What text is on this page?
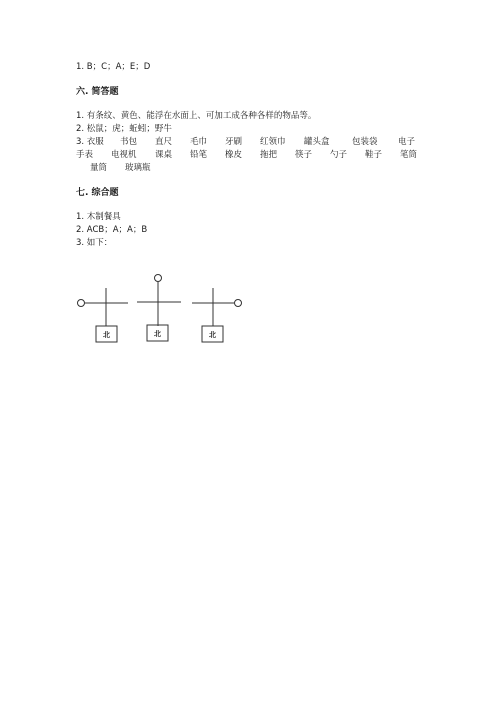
1. B；C；A；E；D
六. 简答题
1. 有条纹、黄色、能浮在水面上、可加工成各种各样的物品等。
2. 松鼠；虎；蚯蚓；野牛
3. 衣服 书包 直尺 毛巾 牙刷 红领巾 罐头盒	包装袋 电子
手表 电视机 课桌 铅笔 橡皮 拖把 筷子 勺子 鞋子 笔筒
量筒 玻璃瓶
七. 综合题
1. 木制餐具
2. ACB；A；A；B
3. 如下：
北	北	北
